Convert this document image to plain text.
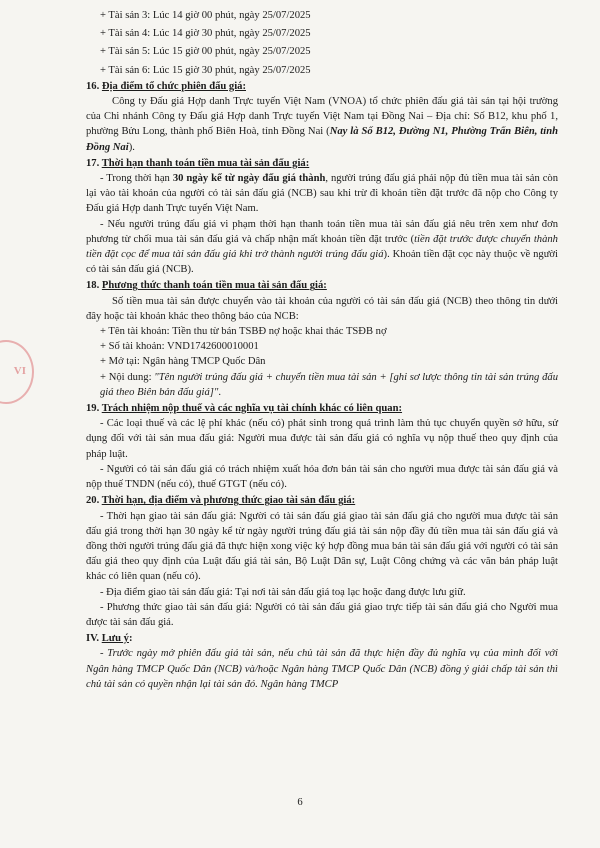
VI

+ Tài sản 3: Lúc 14 giờ 00 phút, ngày 25/07/2025

+ Tài sản 4: Lúc 14 giờ 30 phút, ngày 25/07/2025

+ Tài sản 5: Lúc 15 giờ 00 phút, ngày 25/07/2025

+ Tài sản 6: Lúc 15 giờ 30 phút, ngày 25/07/2025

16. Địa điểm tổ chức phiên đấu giá:

Công ty Đấu giá Hợp danh Trực tuyến Việt Nam (VNOA) tổ chức phiên đấu giá tài sản tại hội trường của Chi nhánh Công ty Đấu giá Hợp danh Trực tuyến Việt Nam tại Đồng Nai – Địa chỉ: Số B12, khu phố 1, phường Bửu Long, thành phố Biên Hoà, tỉnh Đồng Nai (Nay là Số B12, Đường N1, Phường Trấn Biên, tỉnh Đồng Nai).

17. Thời hạn thanh toán tiền mua tài sản đấu giá:

- Trong thời hạn 30 ngày kể từ ngày đấu giá thành, người trúng đấu giá phải nộp đủ tiền mua tài sản còn lại vào tài khoản của người có tài sản đấu giá (NCB) sau khi trừ đi khoản tiền đặt trước đã nộp cho Công ty Đấu giá Hợp danh Trực tuyến Việt Nam.

- Nếu người trúng đấu giá vi phạm thời hạn thanh toán tiền mua tài sản đấu giá nêu trên xem như đơn phương từ chối mua tài sản đấu giá và chấp nhận mất khoản tiền đặt trước (tiền đặt trước được chuyển thành tiền đặt cọc để mua tài sản đấu giá khi trở thành người trúng đấu giá). Khoản tiền đặt cọc này thuộc về người có tài sản đấu giá (NCB).

18. Phương thức thanh toán tiền mua tài sản đấu giá:

Số tiền mua tài sản được chuyển vào tài khoản của người có tài sản đấu giá (NCB) theo thông tin dưới đây hoặc tài khoản khác theo thông báo của NCB:

+ Tên tài khoản: Tiền thu từ bán TSBĐ nợ hoặc khai thác TSĐB nợ

+ Số tài khoản: VND1742600010001

+ Mở tại: Ngân hàng TMCP Quốc Dân

+ Nội dung: "Tên người trúng đấu giá + chuyển tiền mua tài sản + [ghi sơ lược thông tin tài sản trúng đấu giá theo Biên bản đấu giá]".

19. Trách nhiệm nộp thuế và các nghĩa vụ tài chính khác có liên quan:

- Các loại thuế và các lệ phí khác (nếu có) phát sinh trong quá trình làm thủ tục chuyển quyền sở hữu, sử dụng đối với tài sản mua đấu giá: Người mua được tài sản đấu giá có nghĩa vụ nộp thuế theo quy định của pháp luật.

- Người có tài sản đấu giá có trách nhiệm xuất hóa đơn bán tài sản cho người mua được tài sản đấu giá và nộp thuế TNDN (nếu có), thuế GTGT (nếu có).

20. Thời hạn, địa điểm và phương thức giao tài sản đấu giá:

- Thời hạn giao tài sản đấu giá: Người có tài sản đấu giá giao tài sản đấu giá cho người mua được tài sản đấu giá trong thời hạn 30 ngày kể từ ngày người trúng đấu giá tài sản nộp đầy đủ tiền mua tài sản đấu giá và đồng thời người trúng đấu giá đã thực hiện xong việc ký hợp đồng mua bán tài sản đấu giá với người có tài sản đấu giá theo quy định của Luật đấu giá tài sản, Bộ Luật Dân sự, Luật Công chứng và các văn bản pháp luật khác có liên quan (nếu có).

- Địa điểm giao tài sản đấu giá: Tại nơi tài sản đấu giá toạ lạc hoặc đang được lưu giữ.

- Phương thức giao tài sản đấu giá: Người có tài sản đấu giá giao trực tiếp tài sản đấu giá cho Người mua được tài sản đấu giá.

IV. Lưu ý:

- Trước ngày mở phiên đấu giá tài sản, nếu chủ tài sản đã thực hiện đầy đủ nghĩa vụ của mình đối với Ngân hàng TMCP Quốc Dân (NCB) và/hoặc Ngân hàng TMCP Quốc Dân (NCB) đồng ý giải chấp tài sản thì chủ tài sản có quyền nhận lại tài sản đó. Ngân hàng TMCP

6
